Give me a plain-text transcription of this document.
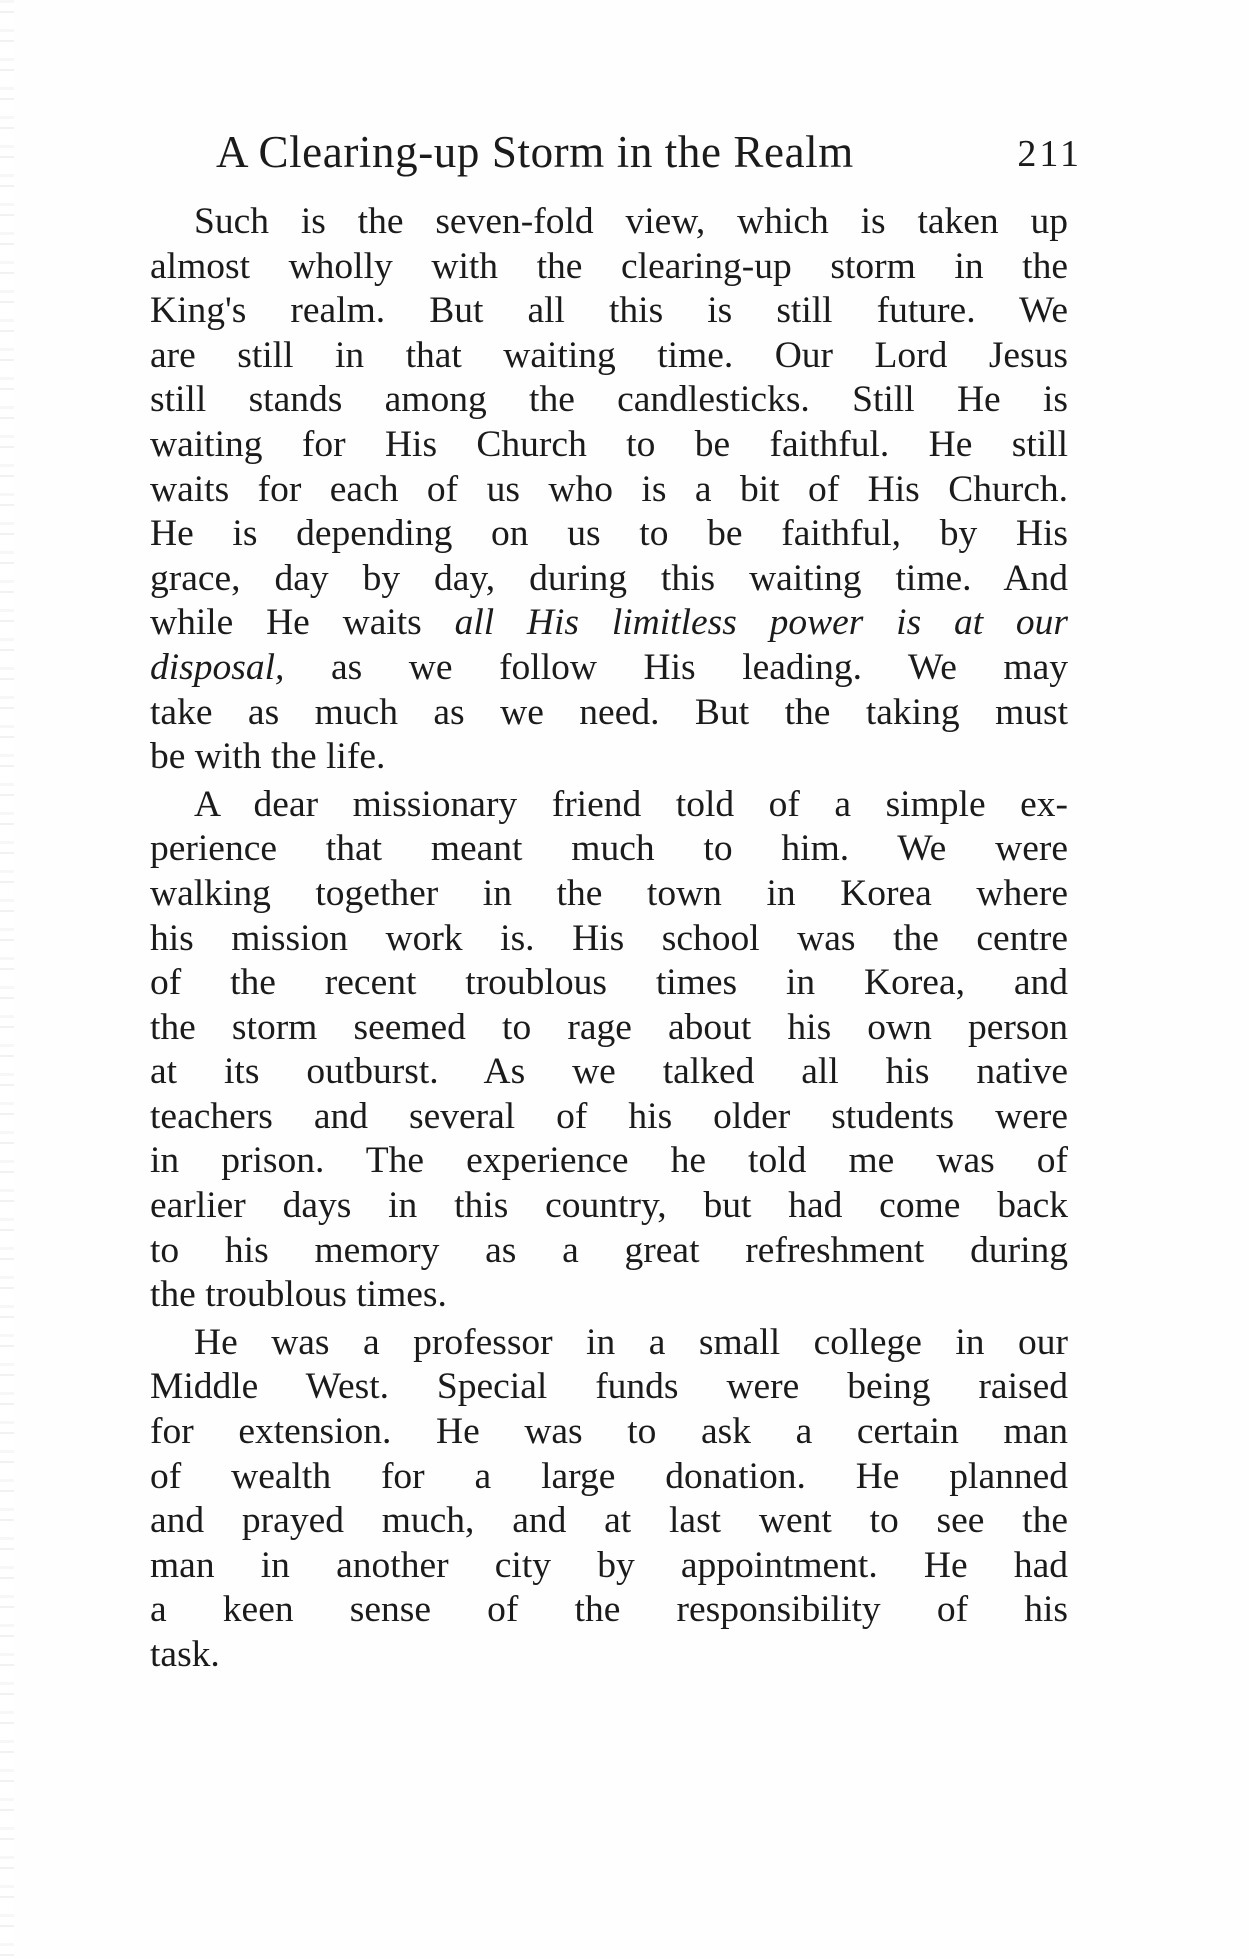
A Clearing-up Storm in the Realm	211
Such is the seven-fold view, which is taken up
almost wholly with the clearing-up storm in the
King's realm. But all this is still future. We
are still in that waiting time. Our Lord Jesus
still stands among the candlesticks. Still He is
waiting for His Church to be faithful. He still
waits for each of us who is a bit of His Church.
He is depending on us to be faithful, by His
grace, day by day, during this waiting time. And
while He waits all His limitless power is at our
disposal, as we follow His leading. We may
take as much as we need. But the taking must
be with the life.
A dear missionary friend told of a simple ex-
perience that meant much to him. We were
walking together in the town in Korea where
his mission work is. His school was the centre
of the recent troublous times in Korea, and
the storm seemed to rage about his own person
at its outburst. As we talked all his native
teachers and several of his older students were
in prison. The experience he told me was of
earlier days in this country, but had come back
to his memory as a great refreshment during
the troublous times.
He was a professor in a small college in our
Middle West. Special funds were being raised
for extension. He was to ask a certain man
of wealth for a large donation. He planned
and prayed much, and at last went to see the
man in another city by appointment. He had
a keen sense of the responsibility of his
task.
